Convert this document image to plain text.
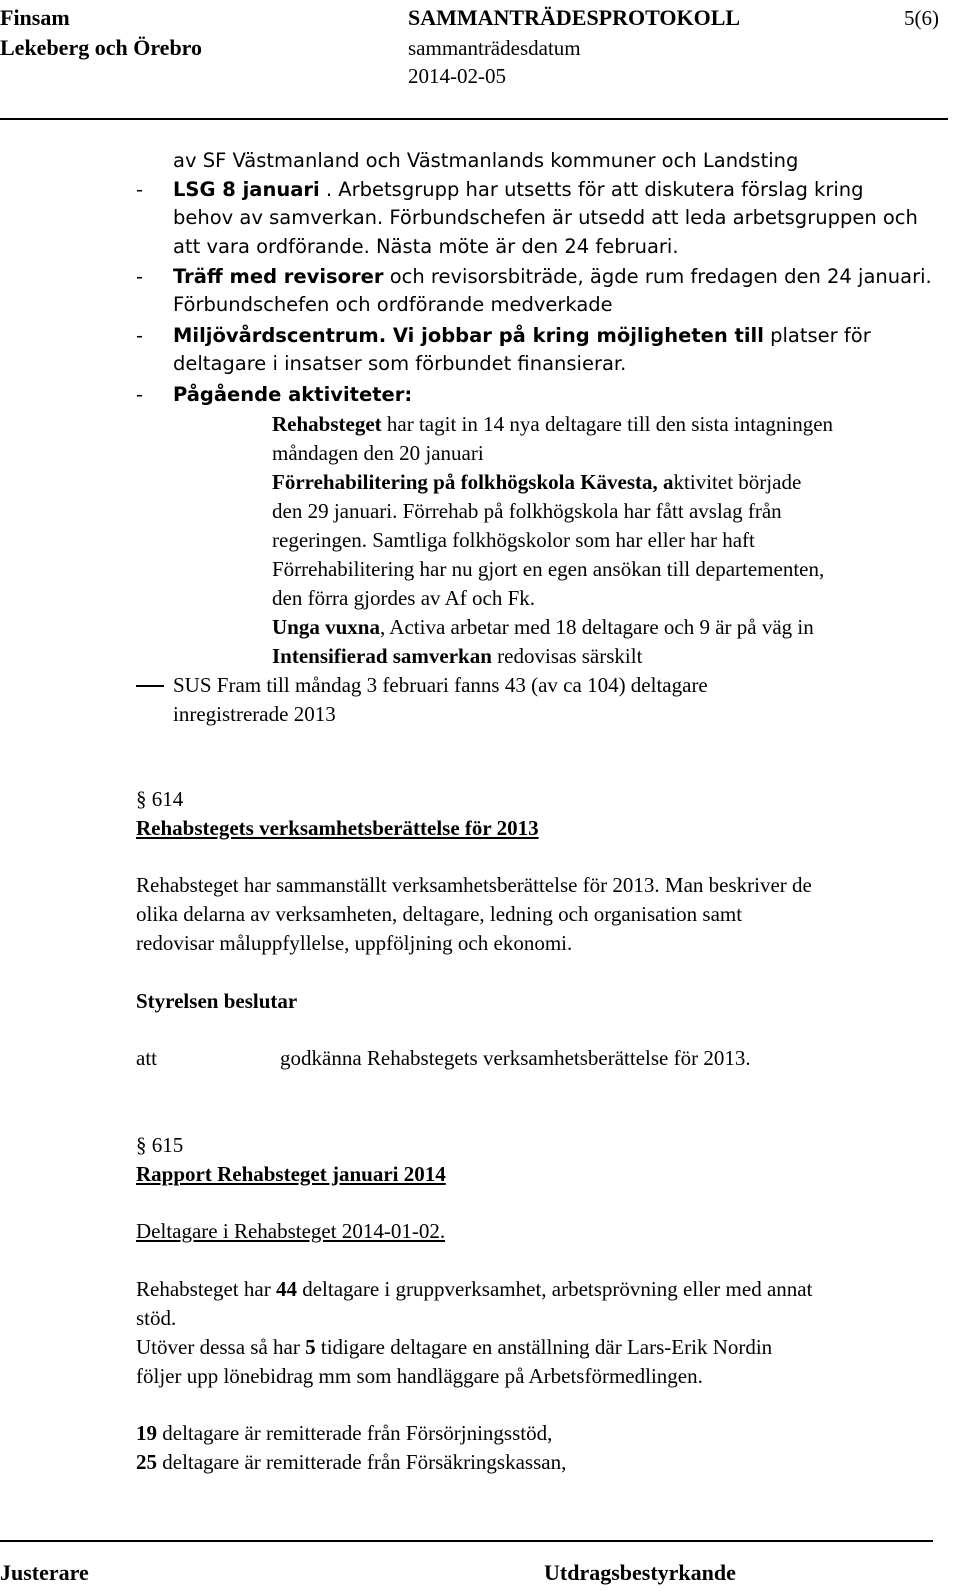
Finsam
Lekeberg och Örebro
SAMMANTRÄDESPROTOKOLL
sammanträdesdatum
2014-02-05
5(6)
av SF Västmanland och Västmanlands kommuner och Landsting
- LSG 8 januari . Arbetsgrupp har utsetts för att diskutera förslag kring
behov av samverkan. Förbundschefen är utsedd att leda arbetsgruppen och
att vara ordförande. Nästa möte är den 24 februari.
- Träff med revisorer och revisorsbiträde, ägde rum fredagen den 24 januari.
Förbundschefen och ordförande medverkade
- Miljövårdscentrum. Vi jobbar på kring möjligheten till platser för
deltagare i insatser som förbundet finansierar.
- Pågående aktiviteter:
Rehabsteget har tagit in 14 nya deltagare till den sista intagningen
måndagen den 20 januari
Förrehabilitering på folkhögskola Kävesta, aktivitet började
den 29 januari. Förrehab på folkhögskola har fått avslag från
regeringen. Samtliga folkhögskolor som har eller har haft
Förrehabilitering har nu gjort en egen ansökan till departementen,
den förra gjordes av Af och Fk.
Unga vuxna, Activa arbetar med 18 deltagare och 9 är på väg in
Intensifierad samverkan redovisas särskilt
SUS Fram till måndag 3 februari fanns 43 (av ca 104) deltagare
inregistrerade 2013
§ 614
Rehabstegets verksamhetsberättelse för 2013
Rehabsteget har sammanställt verksamhetsberättelse för 2013. Man beskriver de
olika delarna av verksamheten, deltagare, ledning och organisation samt
redovisar måluppfyllelse, uppföljning och ekonomi.
Styrelsen beslutar
att	godkänna Rehabstegets verksamhetsberättelse för 2013.
§ 615
Rapport Rehabsteget januari 2014
Deltagare i Rehabsteget 2014-01-02.
Rehabsteget har 44 deltagare i gruppverksamhet, arbetsprövning eller med annat
stöd.
Utöver dessa så har 5 tidigare deltagare en anställning där Lars-Erik Nordin
följer upp lönebidrag mm som handläggare på Arbetsförmedlingen.
19 deltagare är remitterade från Försörjningsstöd,
25 deltagare är remitterade från Försäkringskassan,
Justerare	Utdragsbestyrkande
